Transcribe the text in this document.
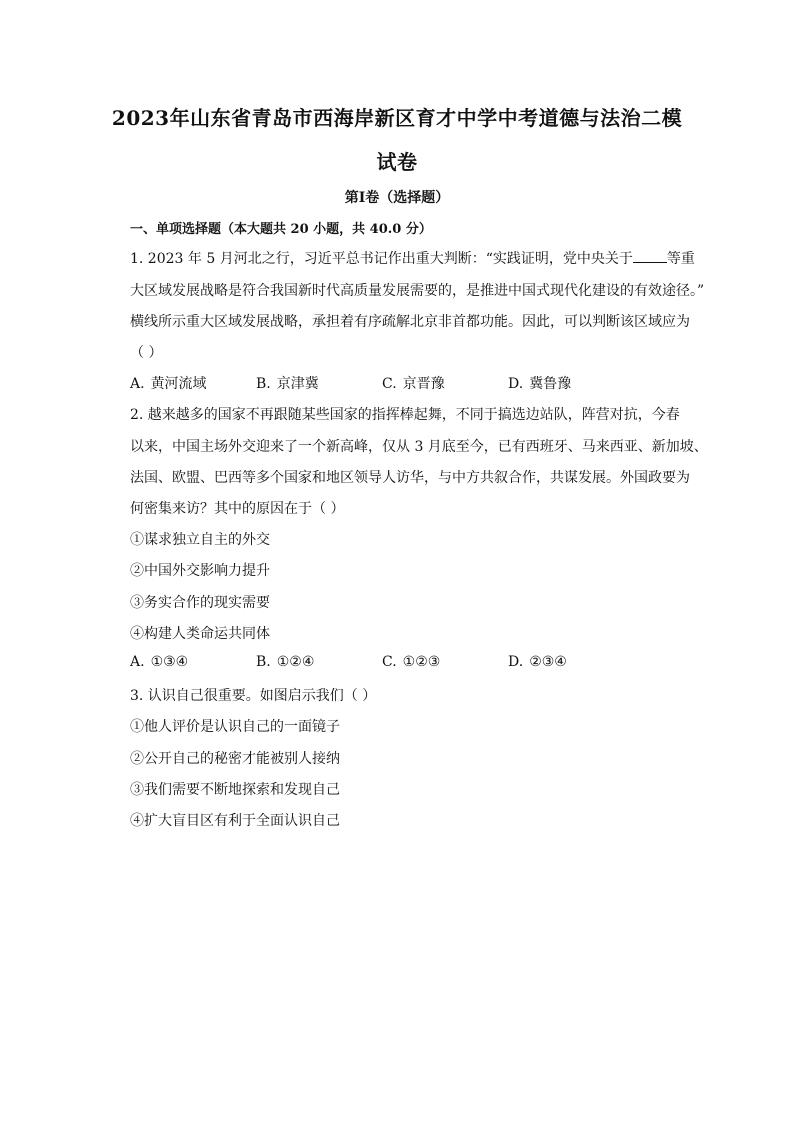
2023年山东省青岛市西海岸新区育才中学中考道德与法治二模
试卷
第I卷（选择题）
一、单项选择题（本大题共 20 小题，共 40.0 分）
1. 2023 年 5 月河北之行，习近平总书记作出重大判断：“实践证明，党中央关于 等重
大区域发展战略是符合我国新时代高质量发展需要的，是推进中国式现代化建设的有效途径。”
横线所示重大区域发展战略，承担着有序疏解北京非首都功能。因此，可以判断该区域应为
（ ）
A. 黄河流域	B. 京津冀	C. 京晋豫	D. 冀鲁豫
2. 越来越多的国家不再跟随某些国家的指挥棒起舞，不同于搞选边站队，阵营对抗，今春
以来，中国主场外交迎来了一个新高峰，仅从 3 月底至今，已有西班牙、马来西亚、新加坡、
法国、欧盟、巴西等多个国家和地区领导人访华，与中方共叙合作，共谋发展。外国政要为
何密集来访？其中的原因在于（ ）
①谋求独立自主的外交
②中国外交影响力提升
③务实合作的现实需要
④构建人类命运共同体
A. ①③④	B. ①②④	C. ①②③	D. ②③④
3. 认识自己很重要。如图启示我们（ ）
①他人评价是认识自己的一面镜子
②公开自己的秘密才能被别人接纳
③我们需要不断地探索和发现自己
④扩大盲目区有利于全面认识自己
